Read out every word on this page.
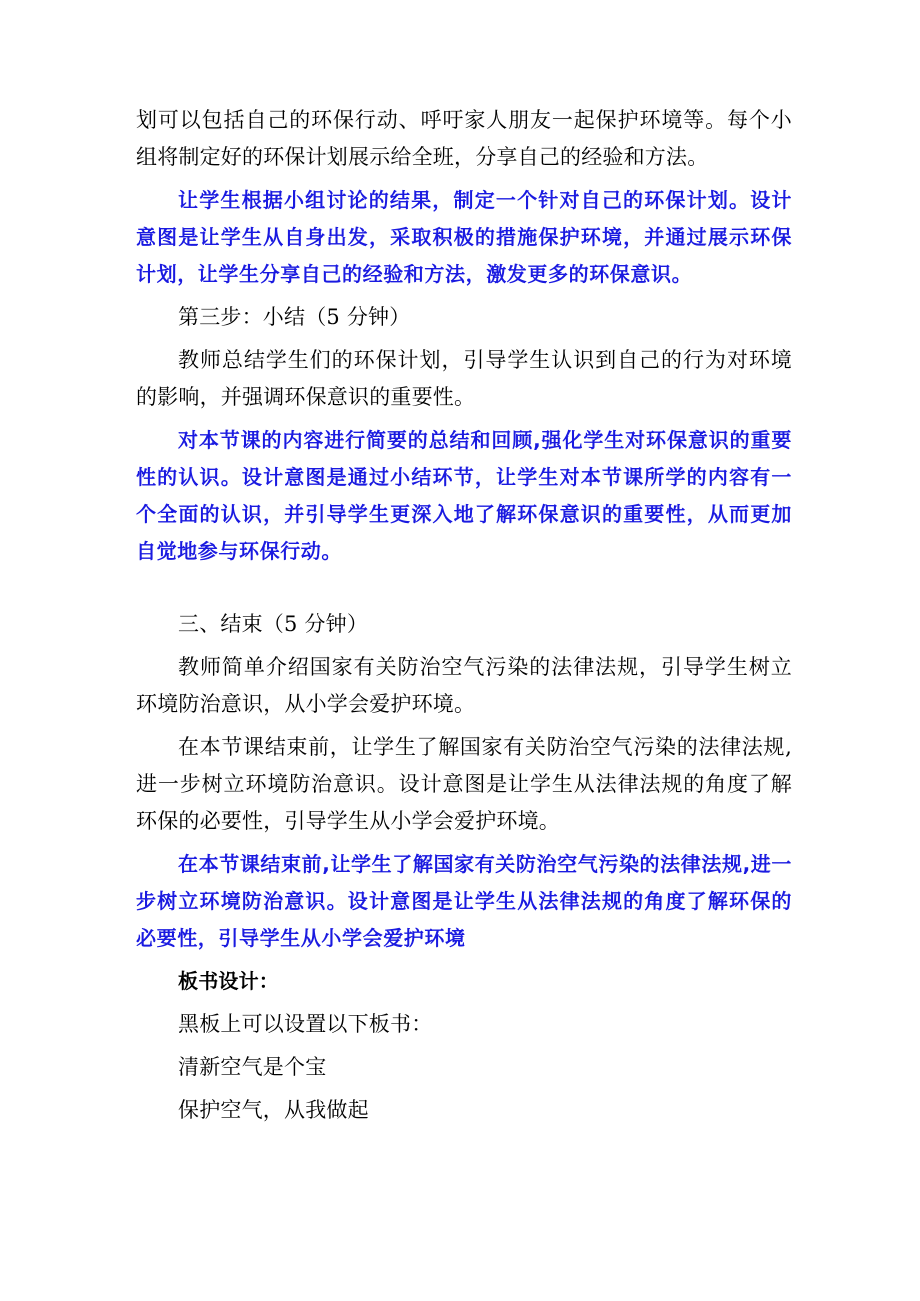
划可以包括自己的环保行动、呼吁家人朋友一起保护环境等。每个小组将制定好的环保计划展示给全班，分享自己的经验和方法。

让学生根据小组讨论的结果，制定一个针对自己的环保计划。设计意图是让学生从自身出发，采取积极的措施保护环境，并通过展示环保计划，让学生分享自己的经验和方法，激发更多的环保意识。

第三步：小结（5 分钟）

教师总结学生们的环保计划，引导学生认识到自己的行为对环境的影响，并强调环保意识的重要性。

对本节课的内容进行简要的总结和回顾,强化学生对环保意识的重要性的认识。设计意图是通过小结环节，让学生对本节课所学的内容有一个全面的认识，并引导学生更深入地了解环保意识的重要性，从而更加自觉地参与环保行动。

三、结束（5 分钟）

教师简单介绍国家有关防治空气污染的法律法规，引导学生树立环境防治意识，从小学会爱护环境。

在本节课结束前，让学生了解国家有关防治空气污染的法律法规,进一步树立环境防治意识。设计意图是让学生从法律法规的角度了解环保的必要性，引导学生从小学会爱护环境。

在本节课结束前,让学生了解国家有关防治空气污染的法律法规,进一步树立环境防治意识。设计意图是让学生从法律法规的角度了解环保的必要性，引导学生从小学会爱护环境

板书设计：

黑板上可以设置以下板书：

清新空气是个宝

保护空气，从我做起
